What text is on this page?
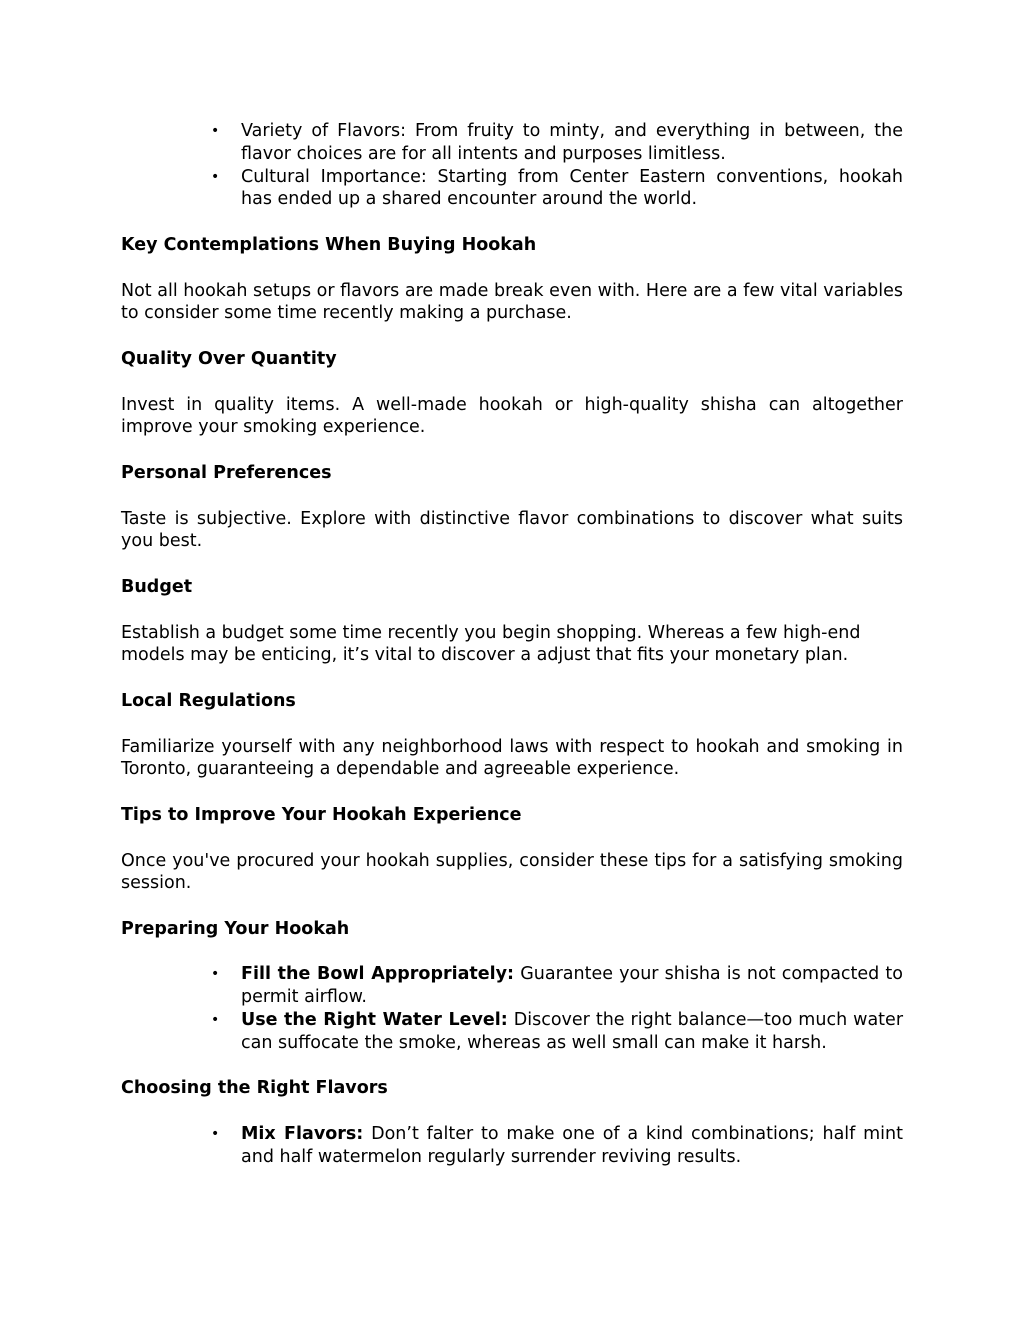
• Variety of Flavors: From fruity to minty, and everything in between, the flavor choices are for all intents and purposes limitless.
• Cultural Importance: Starting from Center Eastern conventions, hookah has ended up a shared encounter around the world.
Key Contemplations When Buying Hookah

Not all hookah setups or flavors are made break even with. Here are a few vital variables to consider some time recently making a purchase.

Quality Over Quantity

Invest in quality items. A well-made hookah or high-quality shisha can altogether improve your smoking experience.

Personal Preferences

Taste is subjective. Explore with distinctive flavor combinations to discover what suits you best.

Budget

Establish a budget some time recently you begin shopping. Whereas a few high-end models may be enticing, it’s vital to discover a adjust that fits your monetary plan.

Local Regulations

Familiarize yourself with any neighborhood laws with respect to hookah and smoking in Toronto, guaranteeing a dependable and agreeable experience.

Tips to Improve Your Hookah Experience

Once you've procured your hookah supplies, consider these tips for a satisfying smoking session.

Preparing Your Hookah
• Fill the Bowl Appropriately: Guarantee your shisha is not compacted to permit airflow.
• Use the Right Water Level: Discover the right balance—too much water can suffocate the smoke, whereas as well small can make it harsh.
Choosing the Right Flavors
• Mix Flavors: Don’t falter to make one of a kind combinations; half mint and half watermelon regularly surrender reviving results.
